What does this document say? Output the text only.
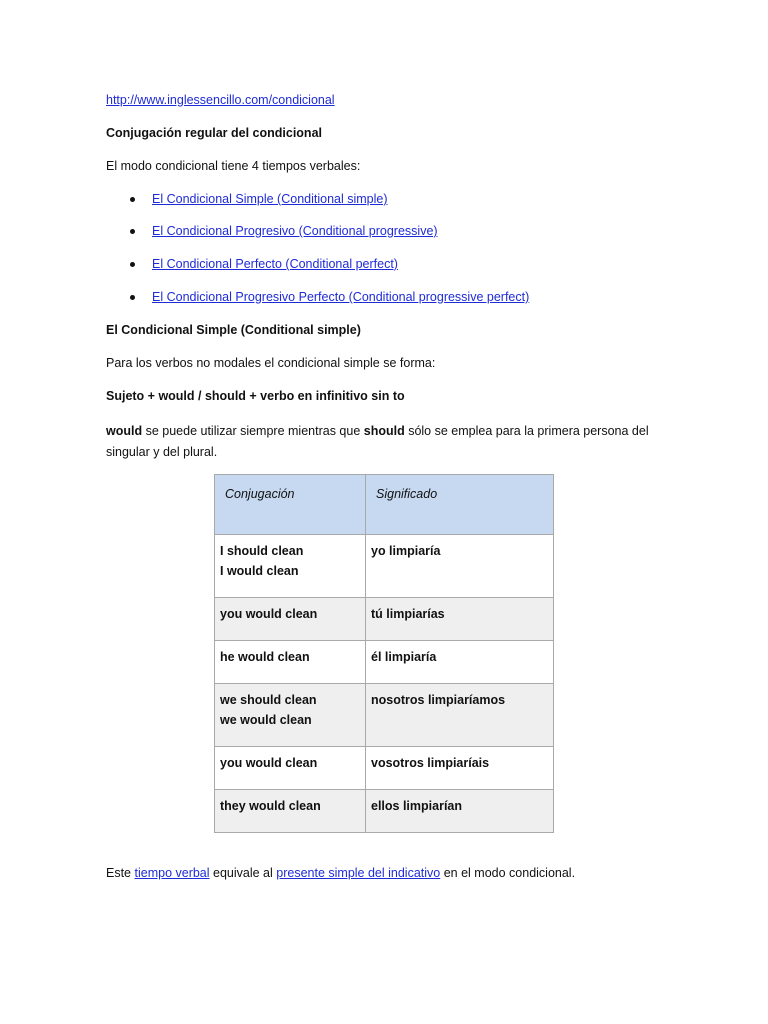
http://www.inglessencillo.com/condicional

Conjugación regular del condicional

El modo condicional tiene 4 tiempos verbales:

El Condicional Simple (Conditional simple)
El Condicional Progresivo (Conditional progressive)
El Condicional Perfecto (Conditional perfect)
El Condicional Progresivo Perfecto (Conditional progressive perfect)

El Condicional Simple (Conditional simple)

Para los verbos no modales el condicional simple se forma:

Sujeto + would / should + verbo en infinitivo sin to

would se puede utilizar siempre mientras que should sólo se emplea para la primera persona del singular y del plural.

Conjugación	Significado

I should clean
I would clean	yo limpiaría

you would clean	tú limpiarías

he would clean	él limpiaría

we should clean
we would clean	nosotros limpiaríamos

you would clean	vosotros limpiaríais

they would clean	ellos limpiarían

Este tiempo verbal equivale al presente simple del indicativo en el modo condicional.
